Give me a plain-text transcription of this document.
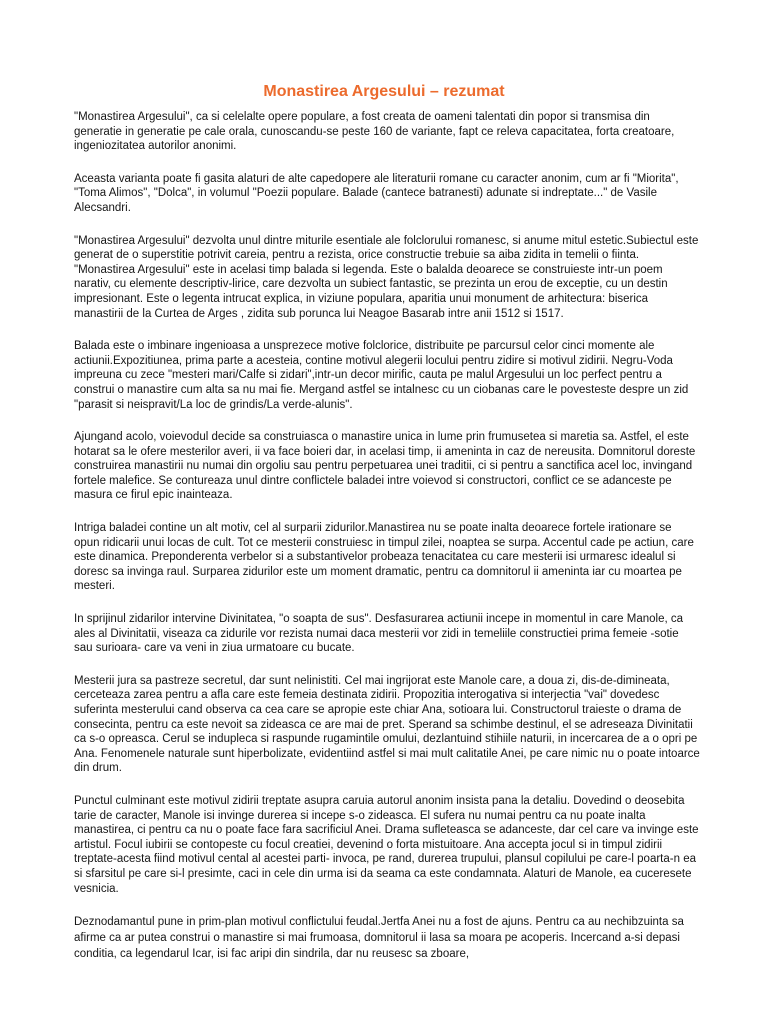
Monastirea Argesului – rezumat

"Monastirea Argesului", ca si celelalte opere populare, a fost creata de oameni talentati din popor si transmisa din generatie in generatie pe cale orala, cunoscandu-se peste 160 de variante, fapt ce releva capacitatea, forta creatoare, ingeniozitatea autorilor anonimi.

Aceasta varianta poate fi gasita alaturi de alte capedopere ale literaturii romane cu caracter anonim, cum ar fi "Miorita", "Toma Alimos", "Dolca", in volumul "Poezii populare. Balade (cantece batranesti) adunate si indreptate..." de Vasile Alecsandri.

"Monastirea Argesului" dezvolta unul dintre miturile esentiale ale folclorului romanesc, si anume mitul estetic.Subiectul este generat de o superstitie potrivit careia, pentru a rezista, orice constructie trebuie sa aiba zidita in temelii o fiinta. "Monastirea Argesului" este in acelasi timp balada si legenda. Este o balalda deoarece se construieste intr-un poem narativ, cu elemente descriptiv-lirice, care dezvolta un subiect fantastic, se prezinta un erou de exceptie, cu un destin impresionant. Este o legenta intrucat explica, in viziune populara, aparitia unui monument de arhitectura: biserica manastirii de la Curtea de Arges , zidita sub porunca lui Neagoe Basarab intre anii 1512 si 1517.

Balada este o imbinare ingenioasa a unsprezece motive folclorice, distribuite pe parcursul celor cinci momente ale actiunii.Expozitiunea, prima parte a acesteia, contine motivul alegerii locului pentru zidire si motivul zidirii. Negru-Voda impreuna cu zece "mesteri mari/Calfe si zidari",intr-un decor mirific, cauta pe malul Argesului un loc perfect pentru a construi o manastire cum alta sa nu mai fie. Mergand astfel se intalnesc cu un ciobanas care le povesteste despre un zid "parasit si neispravit/La loc de grindis/La verde-alunis".

Ajungand acolo, voievodul decide sa construiasca o manastire unica in lume prin frumusetea si maretia sa. Astfel, el este hotarat sa le ofere mesterilor averi, ii va face boieri dar, in acelasi timp, ii ameninta in caz de nereusita. Domnitorul doreste construirea manastirii nu numai din orgoliu sau pentru perpetuarea unei traditii, ci si pentru a sanctifica acel loc, invingand fortele malefice. Se contureaza unul dintre conflictele baladei intre voievod si constructori, conflict ce se adanceste pe masura ce firul epic inainteaza.

Intriga baladei contine un alt motiv, cel al surparii zidurilor.Manastirea nu se poate inalta deoarece fortele irationare se opun ridicarii unui locas de cult. Tot ce mesterii construiesc in timpul zilei, noaptea se surpa. Accentul cade pe actiun, care este dinamica. Preponderenta verbelor si a substantivelor probeaza tenacitatea cu care mesterii isi urmaresc idealul si doresc sa invinga raul. Surparea zidurilor este um moment dramatic, pentru ca domnitorul ii ameninta iar cu moartea pe mesteri.

In sprijinul zidarilor intervine Divinitatea, "o soapta de sus". Desfasurarea actiunii incepe in momentul in care Manole, ca ales al Divinitatii, viseaza ca zidurile vor rezista numai daca mesterii vor zidi in temeliile constructiei prima femeie -sotie sau surioara- care va veni in ziua urmatoare cu bucate.

Mesterii jura sa pastreze secretul, dar sunt nelinistiti. Cel mai ingrijorat este Manole care, a doua zi, dis-de-dimineata, cerceteaza zarea pentru a afla care este femeia destinata zidirii. Propozitia interogativa si interjectia "vai" dovedesc suferinta mesterului cand observa ca cea care se apropie este chiar Ana, sotioara lui. Constructorul traieste o drama de consecinta, pentru ca este nevoit sa zideasca ce are mai de pret. Sperand sa schimbe destinul, el se adreseaza Divinitatii ca s-o opreasca. Cerul se indupleca si raspunde rugamintile omului, dezlantuind stihiile naturii, in incercarea de a o opri pe Ana. Fenomenele naturale sunt hiperbolizate, evidentiind astfel si mai mult calitatile Anei, pe care nimic nu o poate intoarce din drum.

Punctul culminant este motivul zidirii treptate asupra caruia autorul anonim insista pana la detaliu. Dovedind o deosebita tarie de caracter, Manole isi invinge durerea si incepe s-o zideasca. El sufera nu numai pentru ca nu poate inalta manastirea, ci pentru ca nu o poate face fara sacrificiul Anei. Drama sufleteasca se adanceste, dar cel care va invinge este artistul. Focul iubirii se contopeste cu focul creatiei, devenind o forta mistuitoare. Ana accepta jocul si in timpul zidirii treptate-acesta fiind motivul cental al acestei parti- invoca, pe rand, durerea trupului, plansul copilului pe care-l poarta-n ea si sfarsitul pe care si-l presimte, caci in cele din urma isi da seama ca este condamnata. Alaturi de Manole, ea cuceresete vesnicia.

Deznodamantul pune in prim-plan motivul conflictului feudal.Jertfa Anei nu a fost de ajuns. Pentru ca au nechibzuinta sa afirme ca ar putea construi o manastire si mai frumoasa, domnitorul ii lasa sa moara pe acoperis. Incercand a-si depasi conditia, ca legendarul Icar, isi fac aripi din sindrila, dar nu reusesc sa zboare,
